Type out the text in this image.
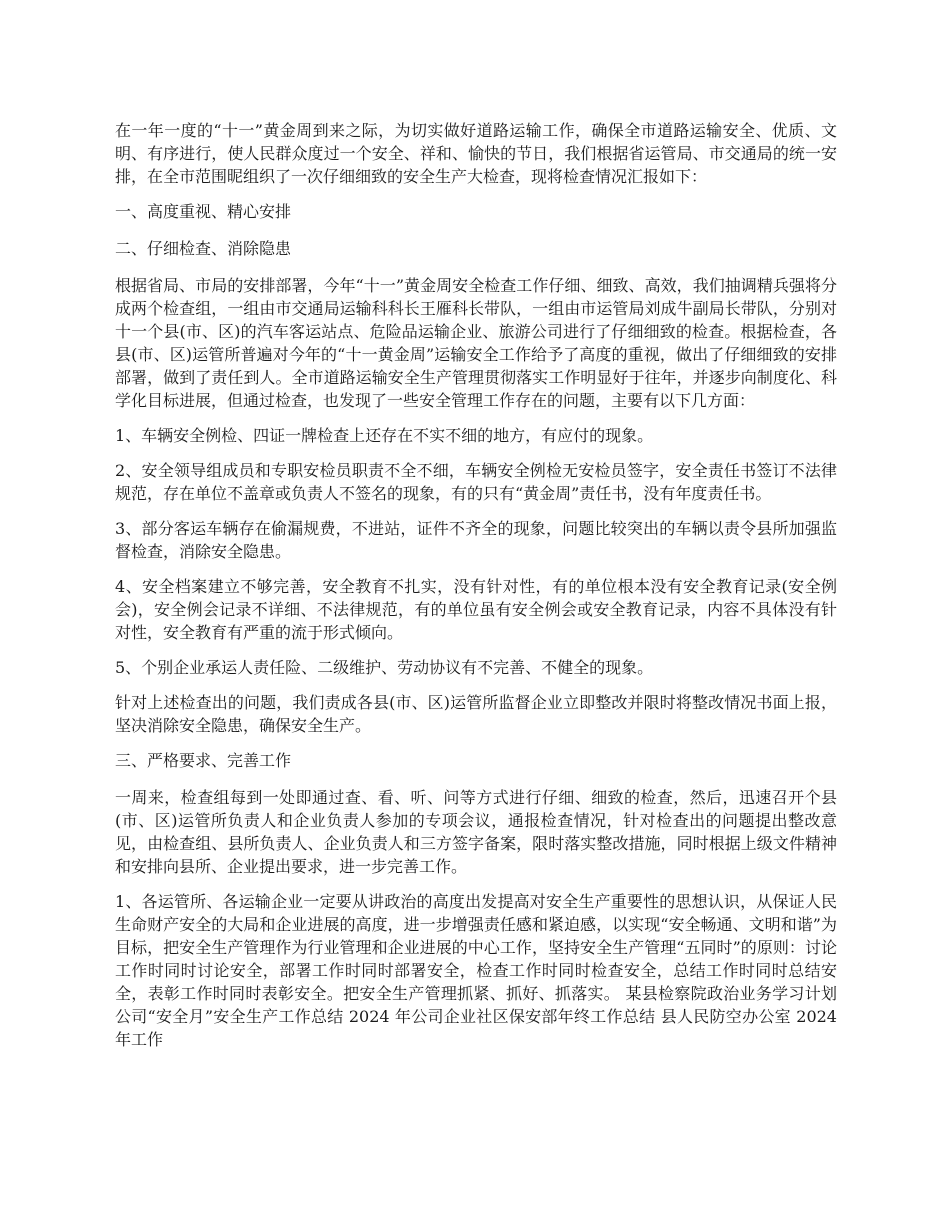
在一年一度的“十一”黄金周到来之际，为切实做好道路运输工作，确保全市道路运输安全、优质、文明、有序进行，使人民群众度过一个安全、祥和、愉快的节日，我们根据省运管局、市交通局的统一安排，在全市范围昵组织了一次仔细细致的安全生产大检查，现将检查情况汇报如下：

一、高度重视、精心安排

二、仔细检查、消除隐患

根据省局、市局的安排部署，今年“十一”黄金周安全检查工作仔细、细致、高效，我们抽调精兵强将分成两个检查组，一组由市交通局运输科科长王雁科长带队，一组由市运管局刘成牛副局长带队，分别对十一个县(市、区)的汽车客运站点、危险品运输企业、旅游公司进行了仔细细致的检查。根据检查，各县(市、区)运管所普遍对今年的“十一黄金周”运输安全工作给予了高度的重视，做出了仔细细致的安排部署，做到了责任到人。全市道路运输安全生产管理贯彻落实工作明显好于往年，并逐步向制度化、科学化目标进展，但通过检查，也发现了一些安全管理工作存在的问题，主要有以下几方面：

1、车辆安全例检、四证一牌检查上还存在不实不细的地方，有应付的现象。

2、安全领导组成员和专职安检员职责不全不细，车辆安全例检无安检员签字，安全责任书签订不法律规范，存在单位不盖章或负责人不签名的现象，有的只有“黄金周”责任书，没有年度责任书。

3、部分客运车辆存在偷漏规费，不进站，证件不齐全的现象，问题比较突出的车辆以责令县所加强监督检查，消除安全隐患。

4、安全档案建立不够完善，安全教育不扎实，没有针对性，有的单位根本没有安全教育记录(安全例会)，安全例会记录不详细、不法律规范，有的单位虽有安全例会或安全教育记录，内容不具体没有针对性，安全教育有严重的流于形式倾向。

5、个别企业承运人责任险、二级维护、劳动协议有不完善、不健全的现象。

针对上述检查出的问题，我们责成各县(市、区)运管所监督企业立即整改并限时将整改情况书面上报，坚决消除安全隐患，确保安全生产。

三、严格要求、完善工作

一周来，检查组每到一处即通过查、看、听、问等方式进行仔细、细致的检查，然后，迅速召开个县(市、区)运管所负责人和企业负责人参加的专项会议，通报检查情况，针对检查出的问题提出整改意见，由检查组、县所负责人、企业负责人和三方签字备案，限时落实整改措施，同时根据上级文件精神和安排向县所、企业提出要求，进一步完善工作。

1、各运管所、各运输企业一定要从讲政治的高度出发提高对安全生产重要性的思想认识，从保证人民生命财产安全的大局和企业进展的高度，进一步增强责任感和紧迫感，以实现“安全畅通、文明和谐”为目标，把安全生产管理作为行业管理和企业进展的中心工作，坚持安全生产管理“五同时”的原则：讨论工作时同时讨论安全，部署工作时同时部署安全，检查工作时同时检查安全，总结工作时同时总结安全，表彰工作时同时表彰安全。把安全生产管理抓紧、抓好、抓落实。 某县检察院政治业务学习计划 公司“安全月”安全生产工作总结 2024 年公司企业社区保安部年终工作总结 县人民防空办公室 2024 年工作
